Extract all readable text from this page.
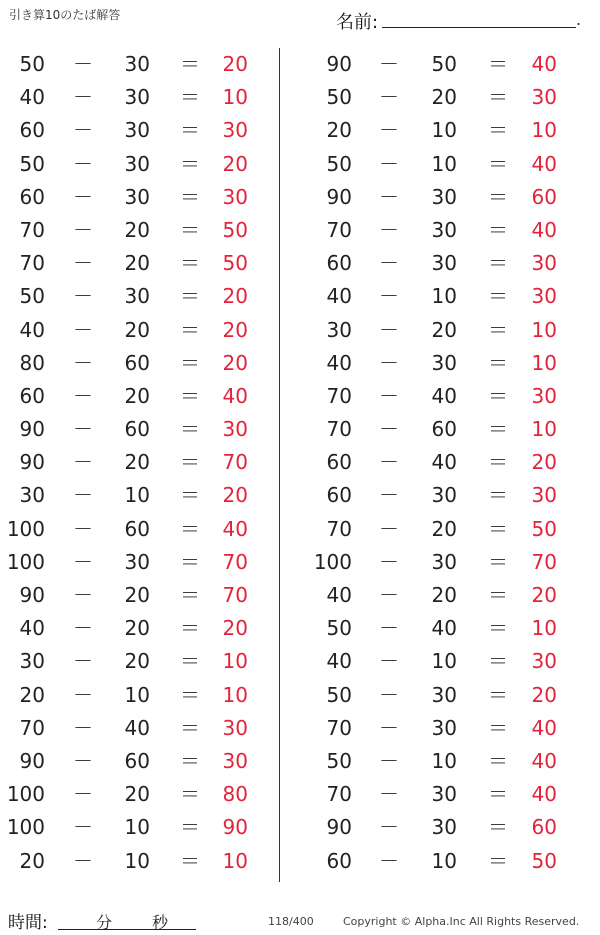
引き算10のたば解答	名前:	.
50 － 30 ＝ 20
40 － 30 ＝ 10
60 － 30 ＝ 30
50 － 30 ＝ 20
60 － 30 ＝ 30
70 － 20 ＝ 50
70 － 20 ＝ 50
50 － 30 ＝ 20
40 － 20 ＝ 20
80 － 60 ＝ 20
60 － 20 ＝ 40
90 － 60 ＝ 30
90 － 20 ＝ 70
30 － 10 ＝ 20
100 － 60 ＝ 40
100 － 30 ＝ 70
90 － 20 ＝ 70
40 － 20 ＝ 20
30 － 20 ＝ 10
20 － 10 ＝ 10
70 － 40 ＝ 30
90 － 60 ＝ 30
100 － 20 ＝ 80
100 － 10 ＝ 90
20 － 10 ＝ 10
90 － 50 ＝ 40
50 － 20 ＝ 30
20 － 10 ＝ 10
50 － 10 ＝ 40
90 － 30 ＝ 60
70 － 30 ＝ 40
60 － 30 ＝ 30
40 － 10 ＝ 30
30 － 20 ＝ 10
40 － 30 ＝ 10
70 － 40 ＝ 30
70 － 60 ＝ 10
60 － 40 ＝ 20
60 － 30 ＝ 30
70 － 20 ＝ 50
100 － 30 ＝ 70
40 － 20 ＝ 20
50 － 40 ＝ 10
40 － 10 ＝ 30
50 － 30 ＝ 20
70 － 30 ＝ 40
50 － 10 ＝ 40
70 － 30 ＝ 40
90 － 30 ＝ 60
60 － 10 ＝ 50
時間:	分 秒	118/400	Copyright © Alpha.Inc All Rights Reserved.
